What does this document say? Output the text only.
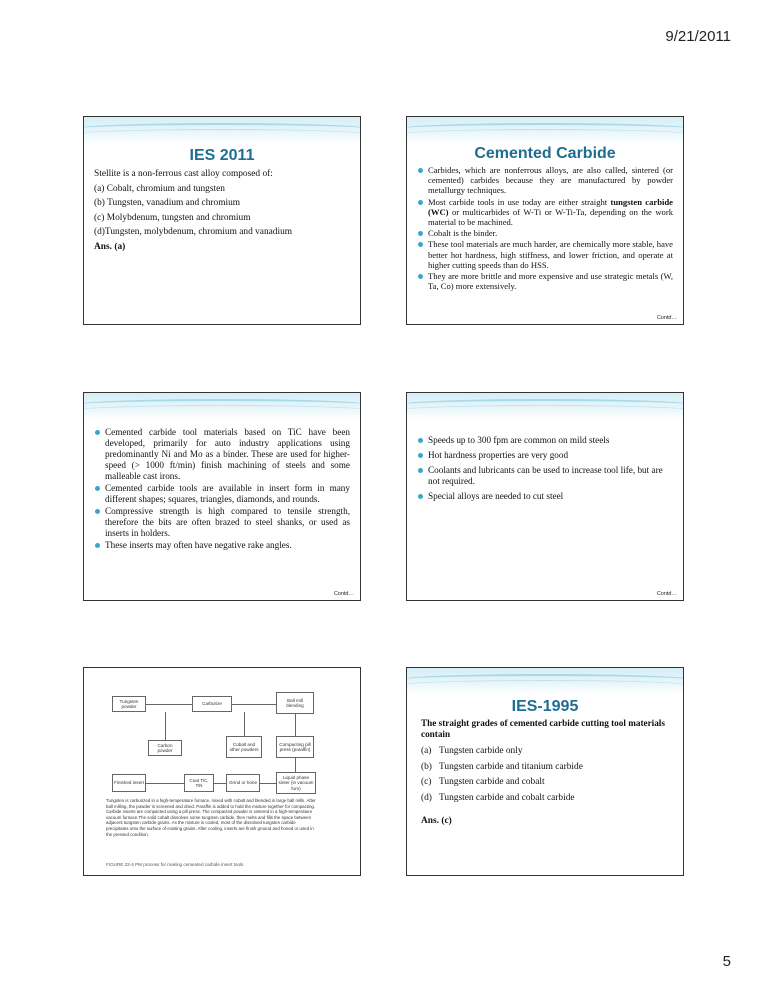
9/21/2011
IES 2011
Stellite is a non-ferrous cast alloy composed of:
(a) Cobalt, chromium and tungsten
(b) Tungsten, vanadium and chromium
(c) Molybdenum, tungsten and chromium
(d)Tungsten, molybdenum, chromium and vanadium
Ans. (a)
Cemented Carbide
Carbides, which are nonferrous alloys, are also called, sintered (or cemented) carbides because they are manufactured by powder metallurgy techniques.
Most carbide tools in use today are either straight tungsten carbide (WC) or multicarbides of W-Ti or W-Ti-Ta, depending on the work material to be machined.
Cobalt is the binder.
These tool materials are much harder, are chemically more stable, have better hot hardness, high stiffness, and lower friction, and operate at higher cutting speeds than do HSS.
They are more brittle and more expensive and use strategic metals (W, Ta, Co) more extensively.
Contd…
Cemented carbide tool materials based on TiC have been developed, primarily for auto industry applications using predominantly Ni and Mo as a binder. These are used for higher-speed (> 1000 ft/min) finish machining of steels and some malleable cast irons.
Cemented carbide tools are available in insert form in many different shapes; squares, triangles, diamonds, and rounds.
Compressive strength is high compared to tensile strength, therefore the bits are often brazed to steel shanks, or used as inserts in holders.
These inserts may often have negative rake angles.
Contd…
Speeds up to 300 fpm are common on mild steels
Hot hardness properties are very good
Coolants and lubricants can be used to increase tool life, but are not required.
Special alloys are needed to cut steel
Contd…
Tungsten powder
Carburize
Ball mill blending
Carbon powder
Cobalt and other powders
Compacting pill press (paraffin)
Finished insert
Coat TiC, TiN
Grind or hone
Liquid phase sinter (in vacuum furn)
Tungsten is carburized in a high-temperature furnace, mixed with cobalt and blended in large ball mills. After ball milling, the powder is screened and dried. Paraffin is added to hold the mixture together for compacting. Carbide inserts are compacted using a pill press. The compacted powder is sintered in a high-temperature vacuum furnace.The solid cobalt dissolves some tungsten carbide, then melts and fills the space between adjacent tungsten carbide grains. As the mixture is cooled, most of the dissolved tungsten carbide precipitates onto the surface of existing grains. After cooling, inserts are finish ground and honed or used in the pressed condition.
FIGURE 22-4 PM process for making cemented carbide insert tools.
IES-1995
The straight grades of cemented carbide cutting tool materials contain
(a) Tungsten carbide only
(b) Tungsten carbide and titanium carbide
(c) Tungsten carbide and cobalt
(d) Tungsten carbide and cobalt carbide
Ans. (c)
5
